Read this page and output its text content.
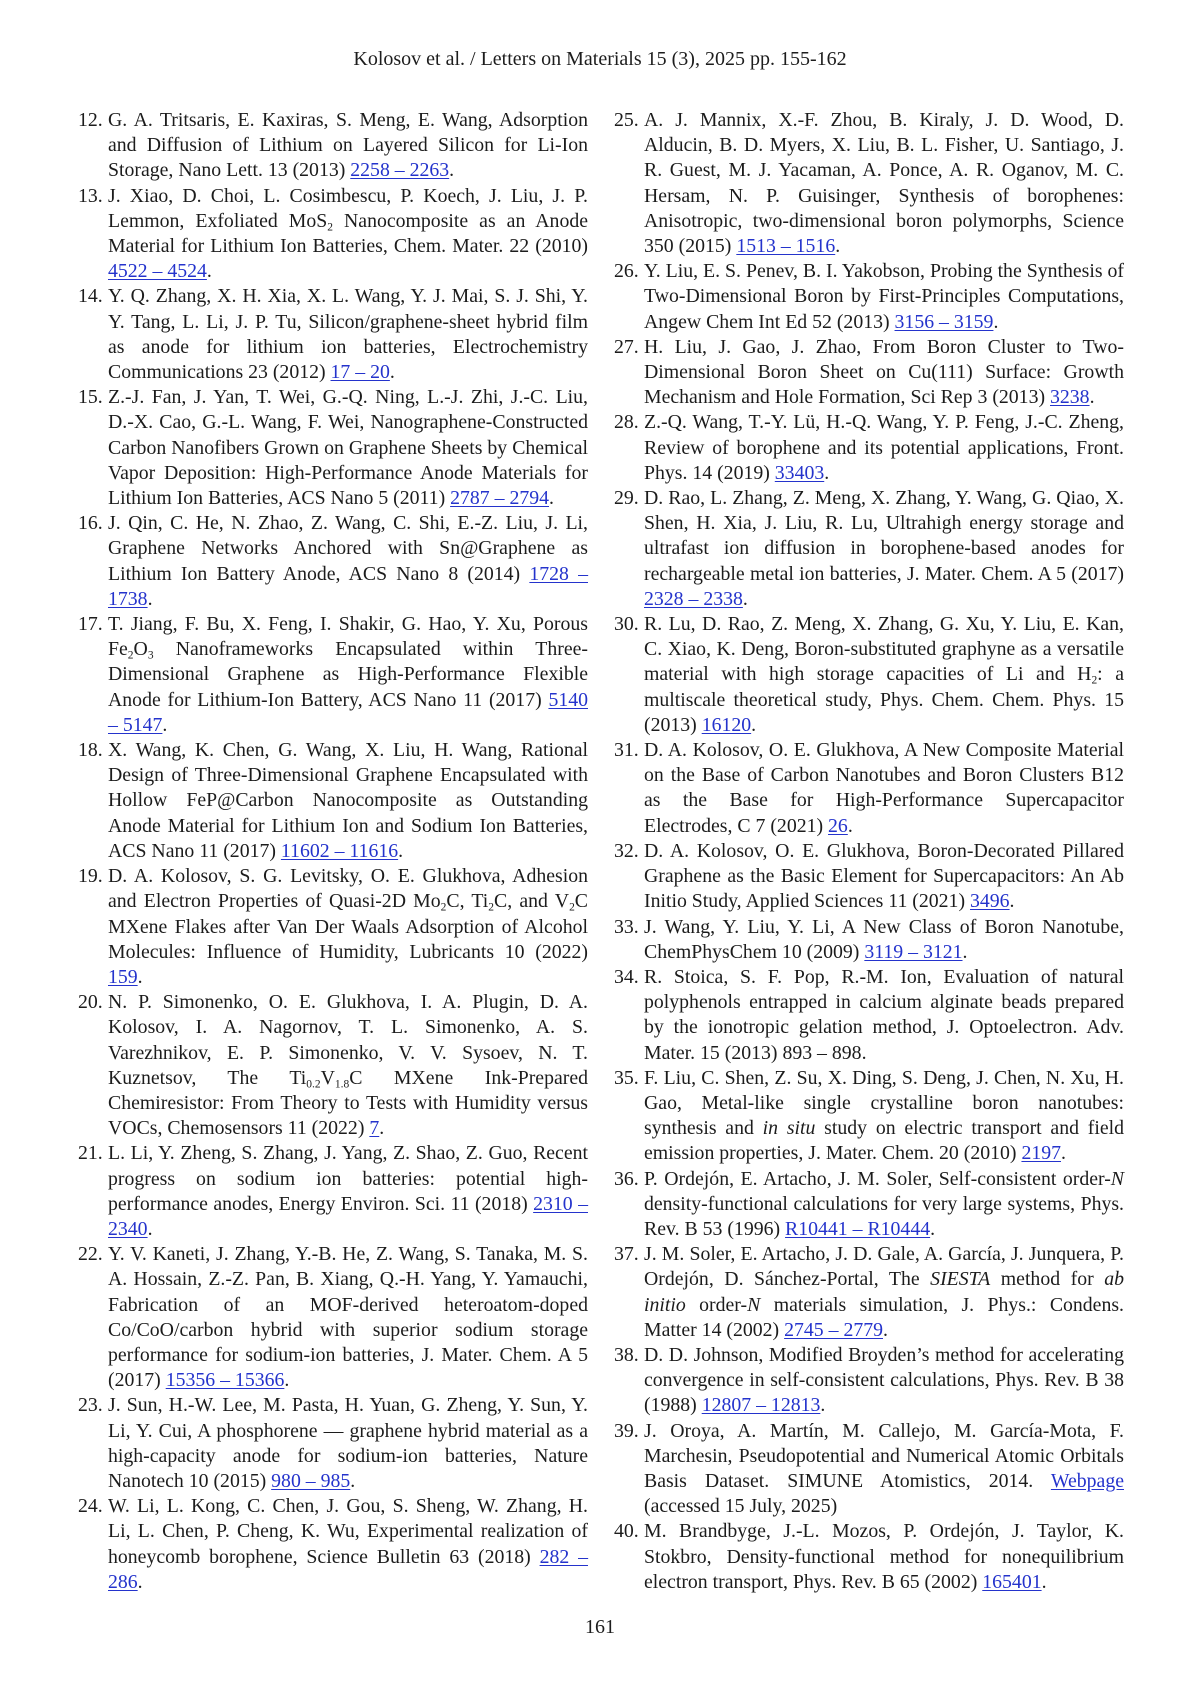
Kolosov et al. / Letters on Materials 15 (3), 2025 pp. 155-162
12. G. A. Tritsaris, E. Kaxiras, S. Meng, E. Wang, Adsorption and Diffusion of Lithium on Layered Silicon for Li-Ion Storage, Nano Lett. 13 (2013) 2258 – 2263.
13. J. Xiao, D. Choi, L. Cosimbescu, P. Koech, J. Liu, J. P. Lemmon, Exfoliated MoS$_2$ Nanocomposite as an Anode Material for Lithium Ion Batteries, Chem. Mater. 22 (2010) 4522 – 4524.
14. Y. Q. Zhang, X. H. Xia, X. L. Wang, Y. J. Mai, S. J. Shi, Y. Y. Tang, L. Li, J. P. Tu, Silicon/graphene-sheet hybrid film as anode for lithium ion batteries, Electrochemistry Communications 23 (2012) 17 – 20.
15. Z.-J. Fan, J. Yan, T. Wei, G.-Q. Ning, L.-J. Zhi, J.-C. Liu, D.-X. Cao, G.-L. Wang, F. Wei, Nanographene-Constructed Carbon Nanofibers Grown on Graphene Sheets by Chemical Vapor Deposition: High-Performance Anode Materials for Lithium Ion Batteries, ACS Nano 5 (2011) 2787 – 2794.
16. J. Qin, C. He, N. Zhao, Z. Wang, C. Shi, E.-Z. Liu, J. Li, Graphene Networks Anchored with Sn@Graphene as Lithium Ion Battery Anode, ACS Nano 8 (2014) 1728 – 1738.
17. T. Jiang, F. Bu, X. Feng, I. Shakir, G. Hao, Y. Xu, Porous $Fe_2O_3$ Nanoframeworks Encapsulated within Three-Dimensional Graphene as High-Performance Flexible Anode for Lithium-Ion Battery, ACS Nano 11 (2017) 5140 – 5147.
18. X. Wang, K. Chen, G. Wang, X. Liu, H. Wang, Rational Design of Three-Dimensional Graphene Encapsulated with Hollow FeP@Carbon Nanocomposite as Outstanding Anode Material for Lithium Ion and Sodium Ion Batteries, ACS Nano 11 (2017) 11602 – 11616.
19. D. A. Kolosov, S. G. Levitsky, O. E. Glukhova, Adhesion and Electron Properties of Quasi-2D $Mo_2C$, $Ti_2C$, and $V_2C$ MXene Flakes after Van Der Waals Adsorption of Alcohol Molecules: Influence of Humidity, Lubricants 10 (2022) 159.
20. N. P. Simonenko, O. E. Glukhova, I. A. Plugin, D. A. Kolosov, I. A. Nagornov, T. L. Simonenko, A. S. Varezhnikov, E. P. Simonenko, V. V. Sysoev, N. T. Kuznetsov, The $Ti_{0.2}V_{1.8}C$ MXene Ink-Prepared Chemiresistor: From Theory to Tests with Humidity versus VOCs, Chemosensors 11 (2022) 7.
21. L. Li, Y. Zheng, S. Zhang, J. Yang, Z. Shao, Z. Guo, Recent progress on sodium ion batteries: potential high-performance anodes, Energy Environ. Sci. 11 (2018) 2310 – 2340.
22. Y. V. Kaneti, J. Zhang, Y.-B. He, Z. Wang, S. Tanaka, M. S. A. Hossain, Z.-Z. Pan, B. Xiang, Q.-H. Yang, Y. Yamauchi, Fabrication of an MOF-derived heteroatom-doped Co/CoO/carbon hybrid with superior sodium storage performance for sodium-ion batteries, J. Mater. Chem. A 5 (2017) 15356 – 15366.
23. J. Sun, H.-W. Lee, M. Pasta, H. Yuan, G. Zheng, Y. Sun, Y. Li, Y. Cui, A phosphorene — graphene hybrid material as a high-capacity anode for sodium-ion batteries, Nature Nanotech 10 (2015) 980 – 985.
24. W. Li, L. Kong, C. Chen, J. Gou, S. Sheng, W. Zhang, H. Li, L. Chen, P. Cheng, K. Wu, Experimental realization of honeycomb borophene, Science Bulletin 63 (2018) 282 – 286.
25. A. J. Mannix, X.-F. Zhou, B. Kiraly, J. D. Wood, D. Alducin, B. D. Myers, X. Liu, B. L. Fisher, U. Santiago, J. R. Guest, M. J. Yacaman, A. Ponce, A. R. Oganov, M. C. Hersam, N. P. Guisinger, Synthesis of borophenes: Anisotropic, two-dimensional boron polymorphs, Science 350 (2015) 1513 – 1516.
26. Y. Liu, E. S. Penev, B. I. Yakobson, Probing the Synthesis of Two-Dimensional Boron by First-Principles Computations, Angew Chem Int Ed 52 (2013) 3156 – 3159.
27. H. Liu, J. Gao, J. Zhao, From Boron Cluster to Two-Dimensional Boron Sheet on Cu(111) Surface: Growth Mechanism and Hole Formation, Sci Rep 3 (2013) 3238.
28. Z.-Q. Wang, T.-Y. Lü, H.-Q. Wang, Y. P. Feng, J.-C. Zheng, Review of borophene and its potential applications, Front. Phys. 14 (2019) 33403.
29. D. Rao, L. Zhang, Z. Meng, X. Zhang, Y. Wang, G. Qiao, X. Shen, H. Xia, J. Liu, R. Lu, Ultrahigh energy storage and ultrafast ion diffusion in borophene-based anodes for rechargeable metal ion batteries, J. Mater. Chem. A 5 (2017) 2328 – 2338.
30. R. Lu, D. Rao, Z. Meng, X. Zhang, G. Xu, Y. Liu, E. Kan, C. Xiao, K. Deng, Boron-substituted graphyne as a versatile material with high storage capacities of Li and $H_2$: a multiscale theoretical study, Phys. Chem. Chem. Phys. 15 (2013) 16120.
31. D. A. Kolosov, O. E. Glukhova, A New Composite Material on the Base of Carbon Nanotubes and Boron Clusters B12 as the Base for High-Performance Supercapacitor Electrodes, C 7 (2021) 26.
32. D. A. Kolosov, O. E. Glukhova, Boron-Decorated Pillared Graphene as the Basic Element for Supercapacitors: An Ab Initio Study, Applied Sciences 11 (2021) 3496.
33. J. Wang, Y. Liu, Y. Li, A New Class of Boron Nanotube, ChemPhysChem 10 (2009) 3119 – 3121.
34. R. Stoica, S. F. Pop, R.-M. Ion, Evaluation of natural polyphenols entrapped in calcium alginate beads prepared by the ionotropic gelation method, J. Optoelectron. Adv. Mater. 15 (2013) 893 – 898.
35. F. Liu, C. Shen, Z. Su, X. Ding, S. Deng, J. Chen, N. Xu, H. Gao, Metal-like single crystalline boron nanotubes: synthesis and in situ study on electric transport and field emission properties, J. Mater. Chem. 20 (2010) 2197.
36. P. Ordejón, E. Artacho, J. M. Soler, Self-consistent order-N density-functional calculations for very large systems, Phys. Rev. B 53 (1996) R10441 – R10444.
37. J. M. Soler, E. Artacho, J. D. Gale, A. García, J. Junquera, P. Ordejón, D. Sánchez-Portal, The SIESTA method for ab initio order-N materials simulation, J. Phys.: Condens. Matter 14 (2002) 2745 – 2779.
38. D. D. Johnson, Modified Broyden’s method for accelerating convergence in self-consistent calculations, Phys. Rev. B 38 (1988) 12807 – 12813.
39. J. Oroya, A. Martín, M. Callejo, M. García-Mota, F. Marchesin, Pseudopotential and Numerical Atomic Orbitals Basis Dataset. SIMUNE Atomistics, 2014. Webpage (accessed 15 July, 2025)
40. M. Brandbyge, J.-L. Mozos, P. Ordejón, J. Taylor, K. Stokbro, Density-functional method for nonequilibrium electron transport, Phys. Rev. B 65 (2002) 165401.
161
